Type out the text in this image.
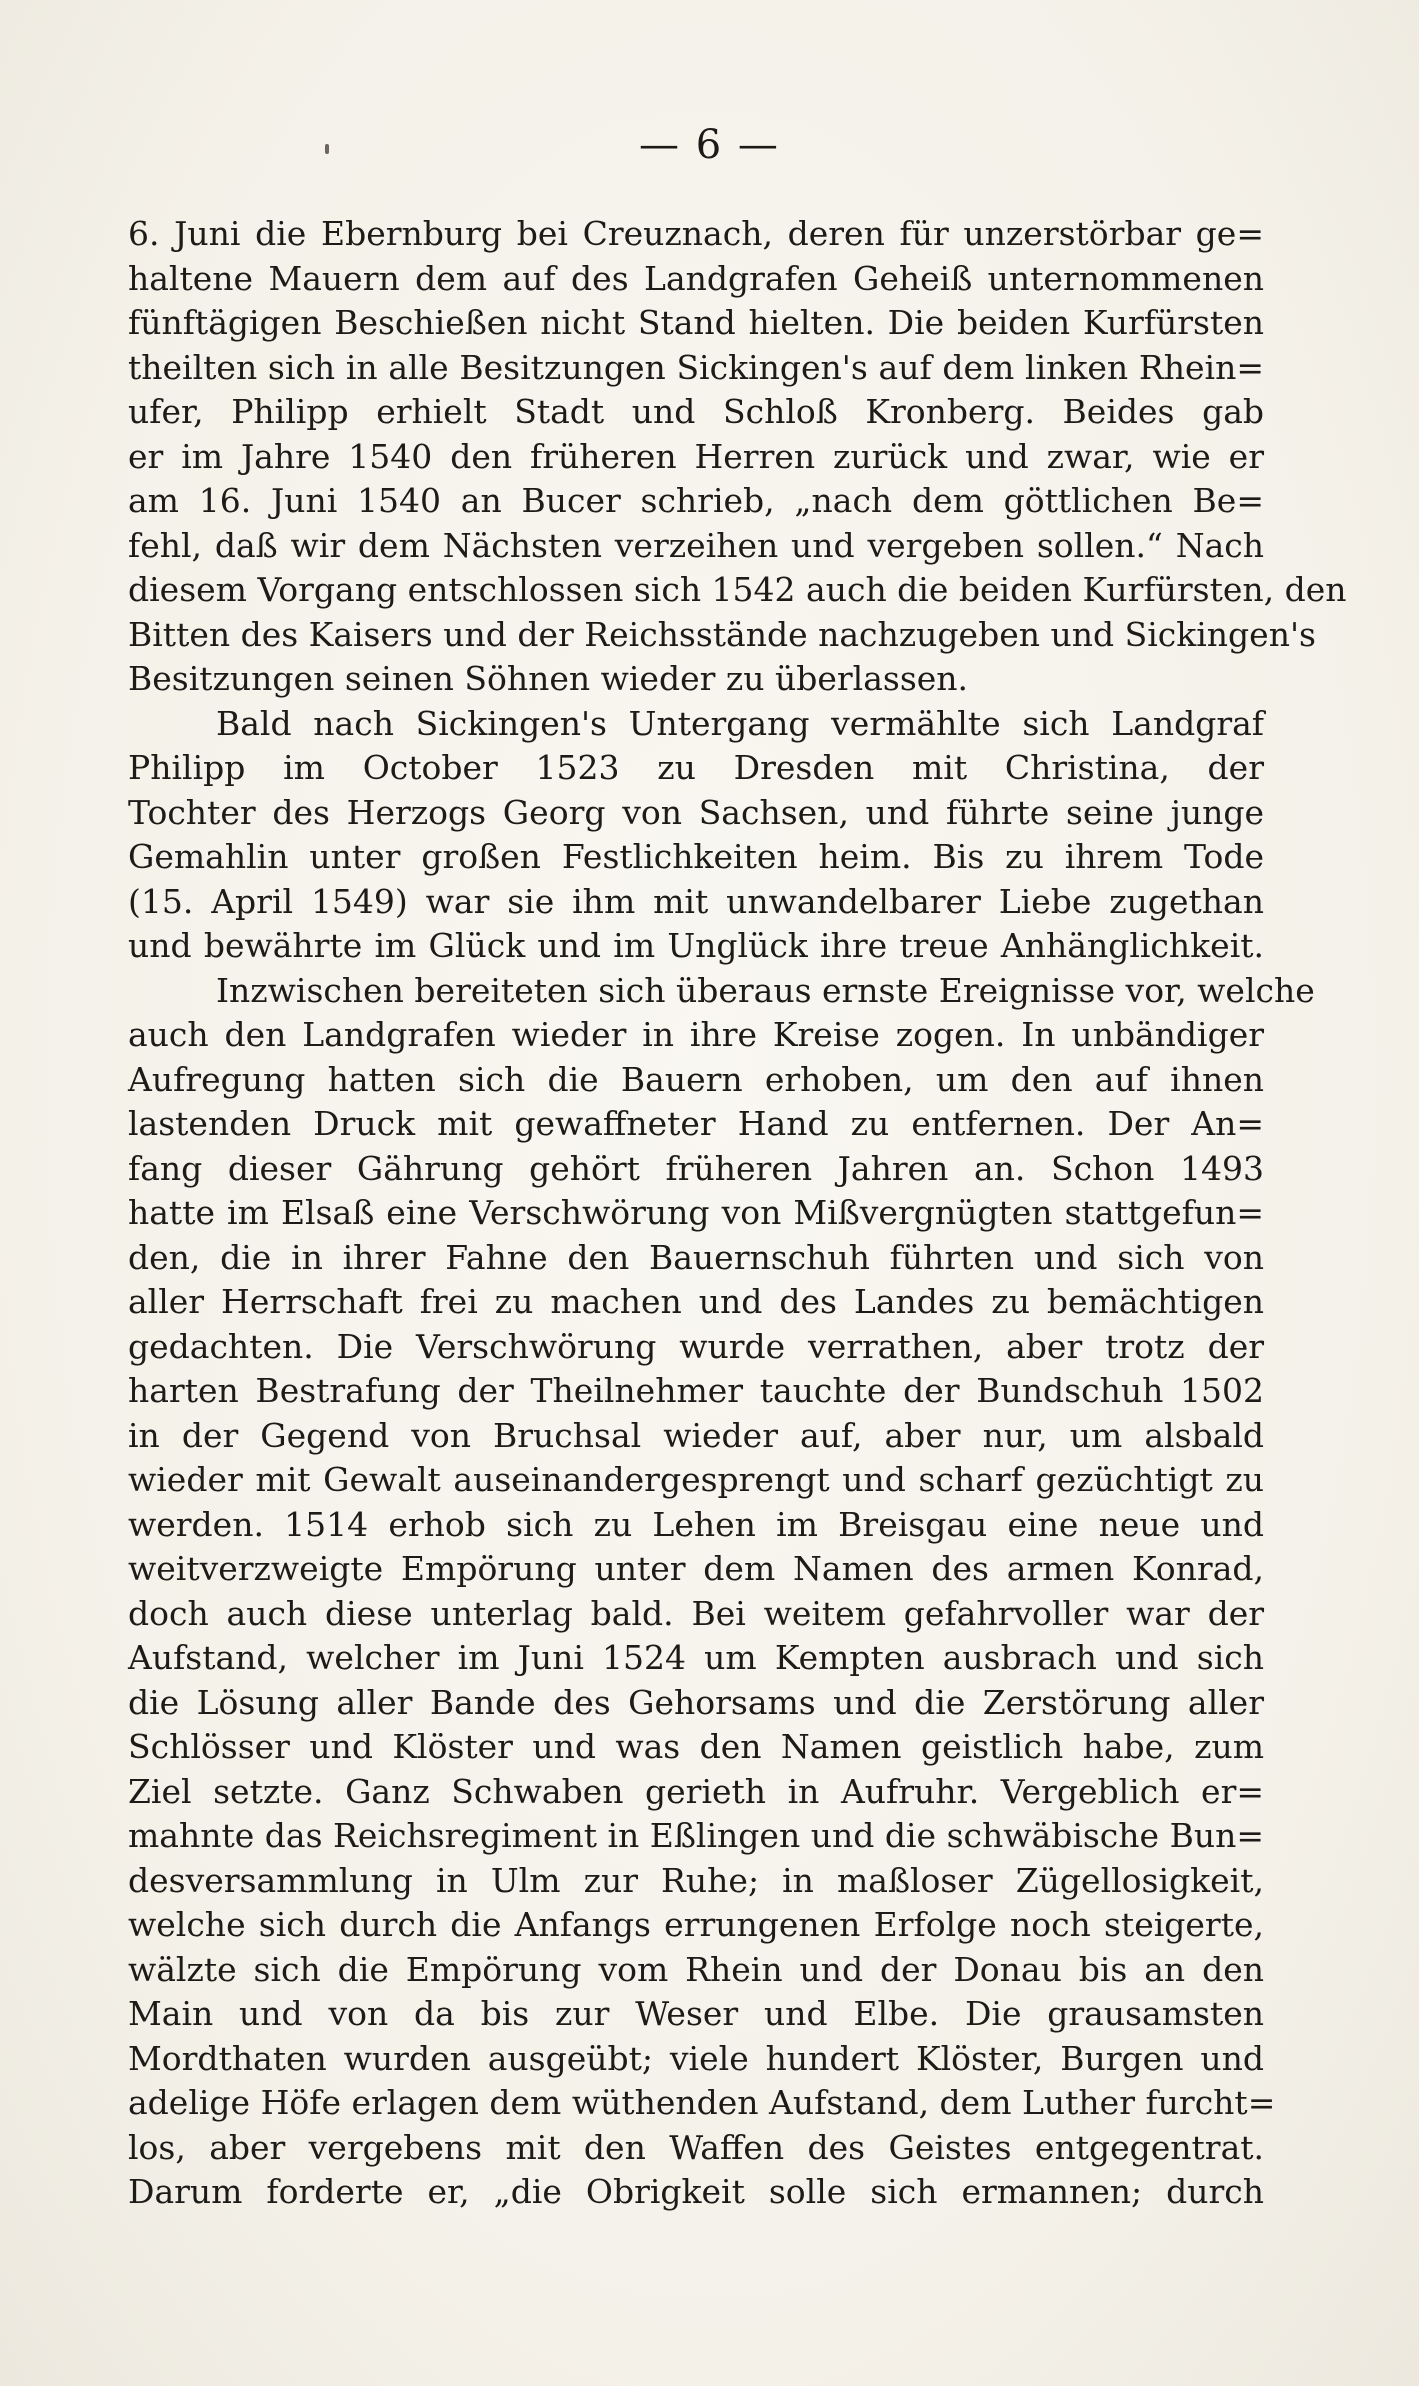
— 6 —
6. Juni die Ebernburg bei Creuznach, deren für unzerstörbar ge=
haltene Mauern dem auf des Landgrafen Geheiß unternommenen
fünftägigen Beschießen nicht Stand hielten. Die beiden Kurfürsten
theilten sich in alle Besitzungen Sickingen's auf dem linken Rhein=
ufer, Philipp erhielt Stadt und Schloß Kronberg. Beides gab
er im Jahre 1540 den früheren Herren zurück und zwar, wie er
am 16. Juni 1540 an Bucer schrieb, „nach dem göttlichen Be=
fehl, daß wir dem Nächsten verzeihen und vergeben sollen.“ Nach
diesem Vorgang entschlossen sich 1542 auch die beiden Kurfürsten, den
Bitten des Kaisers und der Reichsstände nachzugeben und Sickingen's
Besitzungen seinen Söhnen wieder zu überlassen.
Bald nach Sickingen's Untergang vermählte sich Landgraf
Philipp im October 1523 zu Dresden mit Christina, der
Tochter des Herzogs Georg von Sachsen, und führte seine junge
Gemahlin unter großen Festlichkeiten heim. Bis zu ihrem Tode
(15. April 1549) war sie ihm mit unwandelbarer Liebe zugethan
und bewährte im Glück und im Unglück ihre treue Anhänglichkeit.
Inzwischen bereiteten sich überaus ernste Ereignisse vor, welche
auch den Landgrafen wieder in ihre Kreise zogen. In unbändiger
Aufregung hatten sich die Bauern erhoben, um den auf ihnen
lastenden Druck mit gewaffneter Hand zu entfernen. Der An=
fang dieser Gährung gehört früheren Jahren an. Schon 1493
hatte im Elsaß eine Verschwörung von Mißvergnügten stattgefun=
den, die in ihrer Fahne den Bauernschuh führten und sich von
aller Herrschaft frei zu machen und des Landes zu bemächtigen
gedachten. Die Verschwörung wurde verrathen, aber trotz der
harten Bestrafung der Theilnehmer tauchte der Bundschuh 1502
in der Gegend von Bruchsal wieder auf, aber nur, um alsbald
wieder mit Gewalt auseinandergesprengt und scharf gezüchtigt zu
werden. 1514 erhob sich zu Lehen im Breisgau eine neue und
weitverzweigte Empörung unter dem Namen des armen Konrad,
doch auch diese unterlag bald. Bei weitem gefahrvoller war der
Aufstand, welcher im Juni 1524 um Kempten ausbrach und sich
die Lösung aller Bande des Gehorsams und die Zerstörung aller
Schlösser und Klöster und was den Namen geistlich habe, zum
Ziel setzte. Ganz Schwaben gerieth in Aufruhr. Vergeblich er=
mahnte das Reichsregiment in Eßlingen und die schwäbische Bun=
desversammlung in Ulm zur Ruhe; in maßloser Zügellosigkeit,
welche sich durch die Anfangs errungenen Erfolge noch steigerte,
wälzte sich die Empörung vom Rhein und der Donau bis an den
Main und von da bis zur Weser und Elbe. Die grausamsten
Mordthaten wurden ausgeübt; viele hundert Klöster, Burgen und
adelige Höfe erlagen dem wüthenden Aufstand, dem Luther furcht=
los, aber vergebens mit den Waffen des Geistes entgegentrat.
Darum forderte er, „die Obrigkeit solle sich ermannen; durch
